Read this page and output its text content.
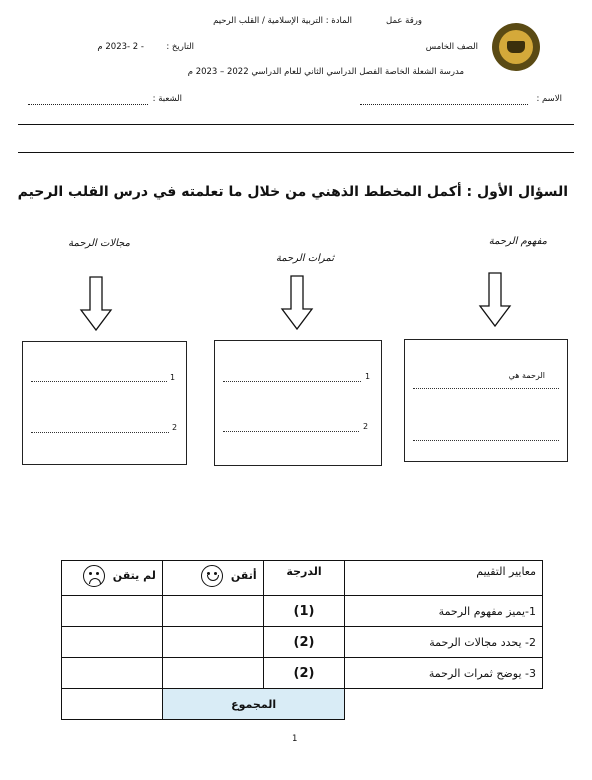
ورقة عمل
المادة : التربية الإسلامية / القلب الرحيم
الصف الخامس
التاريخ :
- 2 -2023 م
مدرسة الشعلة الخاصة الفصل الدراسي الثاني للعام الدراسي 2022 – 2023 م
الاسم :
الشعبة :
السؤال الأول : أكمل المخطط الذهني من خلال ما تعلمته في درس القلب الرحيم
مفهوم الرحمة
الرحمة هي
ثمرات الرحمة
1
2
مجالات الرحمة
1
2
معايير التقييم	الدرجة	أتقن	لم يتقن

1-يميز مفهوم الرحمة	(1)		
2- يحدد مجالات الرحمة	(2)		
3- يوضح ثمرات الرحمة	(2)		
	المجموع		
1
